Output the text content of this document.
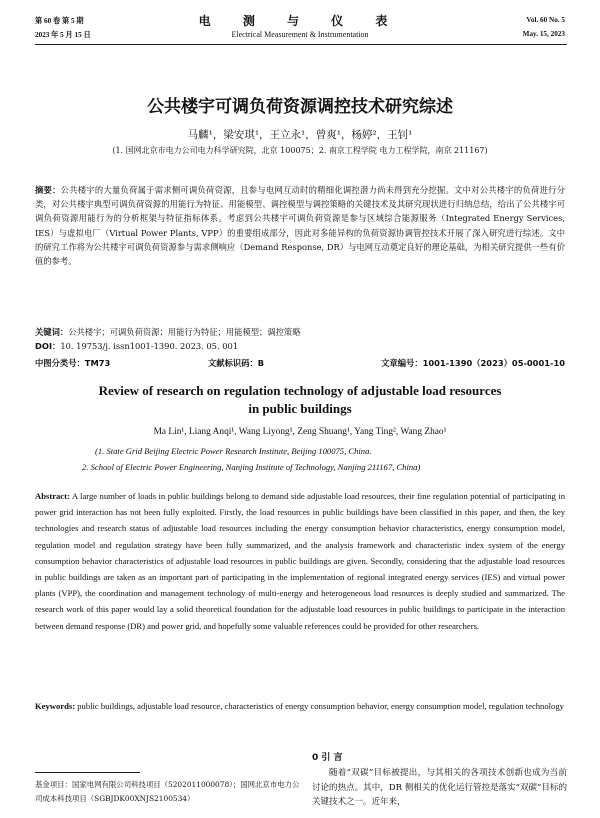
第 60 卷 第 5 期
2023 年 5 月 15 日
电 测 与 仪 表
Electrical Measurement & Instrumentation
Vol. 60 No. 5
May. 15, 2023
公共楼宇可调负荷资源调控技术研究综述
马麟¹，梁安琪¹，王立永¹，曾爽¹，杨婷²，王钊¹
(1. 国网北京市电力公司电力科学研究院，北京 100075；2. 南京工程学院 电力工程学院，南京 211167)
摘要：公共楼宇的大量负荷属于需求侧可调负荷资源，且参与电网互动时的精细化调控潜力尚未得到充分挖掘。文中对公共楼宇的负荷进行分类，对公共楼宇典型可调负荷资源的用能行为特征、用能模型、调控模型与调控策略的关键技术及其研究现状进行归纳总结，给出了公共楼宇可调负荷资源用能行为的分析框架与特征指标体系。考虑到公共楼宇可调负荷资源是参与区域综合能源服务（Integrated Energy Services, IES）与虚拟电厂（Virtual Power Plants, VPP）的重要组成部分，因此对多能异构的负荷资源协调管控技术开展了深入研究进行综述。文中的研究工作将为公共楼宇可调负荷资源参与需求侧响应（Demand Response, DR）与电网互动奠定良好的理论基础，为相关研究提供一些有价值的参考。
关键词：公共楼宇；可调负荷资源；用能行为特征；用能模型；调控策略
DOI：10. 19753/j. issn1001-1390. 2023. 05. 001
中图分类号：TM73	文献标识码：B	文章编号：1001-1390（2023）05-0001-10
Review of research on regulation technology of adjustable load resources
in public buildings
Ma Lin¹, Liang Anqi¹, Wang Liyong¹, Zeng Shuang¹, Yang Ting², Wang Zhao¹
(1. State Grid Beijing Electric Power Research Institute, Beijing 100075, China.
2. School of Electric Power Engineering, Nanjing Institute of Technology, Nanjing 211167, China)
Abstract: A large number of loads in public buildings belong to demand side adjustable load resources, their fine regulation potential of participating in power grid interaction has not been fully exploited. Firstly, the load resources in public buildings have been classified in this paper, and then, the key technologies and research status of adjustable load resources including the energy consumption behavior characteristics, energy consumption model, regulation model and regulation strategy have been fully summarized, and the analysis framework and characteristic index system of the energy consumption behavior characteristics of adjustable load resources in public buildings are given. Secondly, considering that the adjustable load resources in public buildings are taken as an important part of participating in the implementation of regional integrated energy services (IES) and virtual power plants (VPP), the coordination and management technology of multi-energy and heterogeneous load resources is deeply studied and summarized. The research work of this paper would lay a solid theoretical foundation for the adjustable load resources in public buildings to participate in the interaction between demand response (DR) and power grid, and hopefully some valuable references could be provided for other researchers.
Keywords: public buildings, adjustable load resource, characteristics of energy consumption behavior, energy consumption model, regulation technology
基金项目：国家电网有限公司科技项目（5202011000078）；国网北京市电力公司成本科技项目（SGBJDK00XNJS2100534）
0 引 言
随着“双碳”目标被提出，与其相关的各项技术创新也成为当前讨论的热点。其中，DR 侧相关的优化运行管控是落实“双碳”目标的关键技术之一。近年来，
